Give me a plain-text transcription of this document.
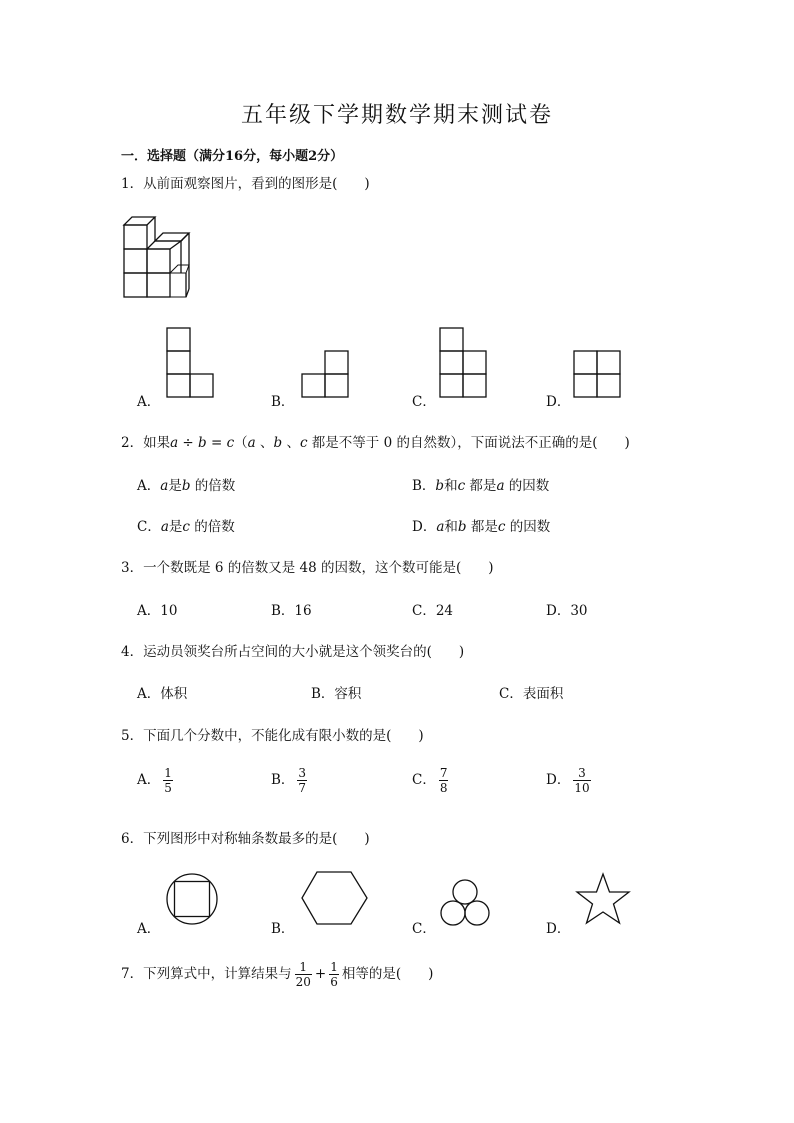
五年级下学期数学期末测试卷
一．选择题（满分16分，每小题2分）
1．从前面观察图片，看到的图形是(　　)
A．	B．	C．	D．
2．如果a ÷ b = c（a 、b 、c 都是不等于 0 的自然数），下面说法不正确的是(　　)
A．a是b 的倍数	B．b和c 都是a 的因数
C．a是c 的倍数	D．a和b 都是c 的因数
3．一个数既是 6 的倍数又是 48 的因数，这个数可能是(　　)
A．10	B．16	C．24	D．30
4．运动员领奖台所占空间的大小就是这个领奖台的(　　)
A．体积	B．容积	C．表面积
5．下面几个分数中，不能化成有限小数的是(　　)
A． $\frac{1}{5}$	B． $\frac{3}{7}$	C． $\frac{7}{8}$	D． $\frac{3}{10}$
6．下列图形中对称轴条数最多的是(　　)
A．	B．	C．	D．
7．下列算式中，计算结果与 $\frac{1}{20} + \frac{1}{6}$ 相等的是(　　)
